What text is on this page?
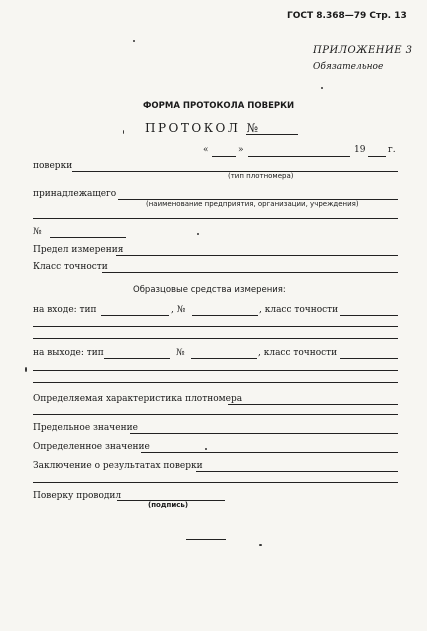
ГОСТ 8.368—79 Стр. 13
ПРИЛОЖЕНИЕ 3
Обязательное
ФОРМА ПРОТОКОЛА ПОВЕРКИ
ПРОТОКОЛ №
«	»	19	г.
поверки
(тип плотномера)
принадлежащего
(наименование предприятия, организации, учреждения)
№
Предел измерения
Класс точности
Образцовые средства измерения:
на входе: тип	, №	, класс точности
на выходе: тип	№	, класс точности
Определяемая характеристика плотномера
Предельное значение
Определенное значение
Заключение о результатах поверки
Поверку проводил
(подпись)
